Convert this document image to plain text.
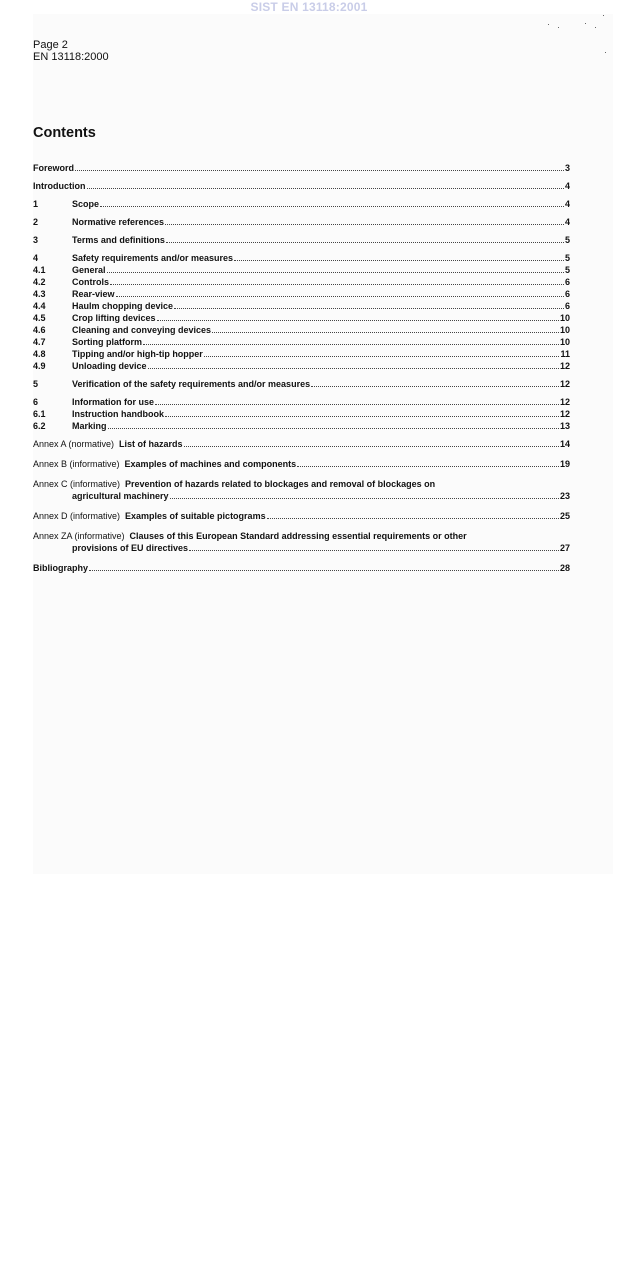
SIST EN 13118:2001
Page 2
EN 13118:2000
Contents
Foreword	3
Introduction	4
1	Scope	4
2	Normative references	4
3	Terms and definitions	5
4	Safety requirements and/or measures	5
4.1	General	5
4.2	Controls	6
4.3	Rear-view	6
4.4	Haulm chopping device	6
4.5	Crop lifting devices	10
4.6	Cleaning and conveying devices	10
4.7	Sorting platform	10
4.8	Tipping and/or high-tip hopper	11
4.9	Unloading device	12
5	Verification of the safety requirements and/or measures	12
6	Information for use	12
6.1	Instruction handbook	12
6.2	Marking	13
Annex A (normative) List of hazards	14
Annex B (informative) Examples of machines and components	19
Annex C (informative) Prevention of hazards related to blockages and removal of blockages on
agricultural machinery	23
Annex D (informative) Examples of suitable pictograms	25
Annex ZA (informative) Clauses of this European Standard addressing essential requirements or other
provisions of EU directives	27
Bibliography	28
